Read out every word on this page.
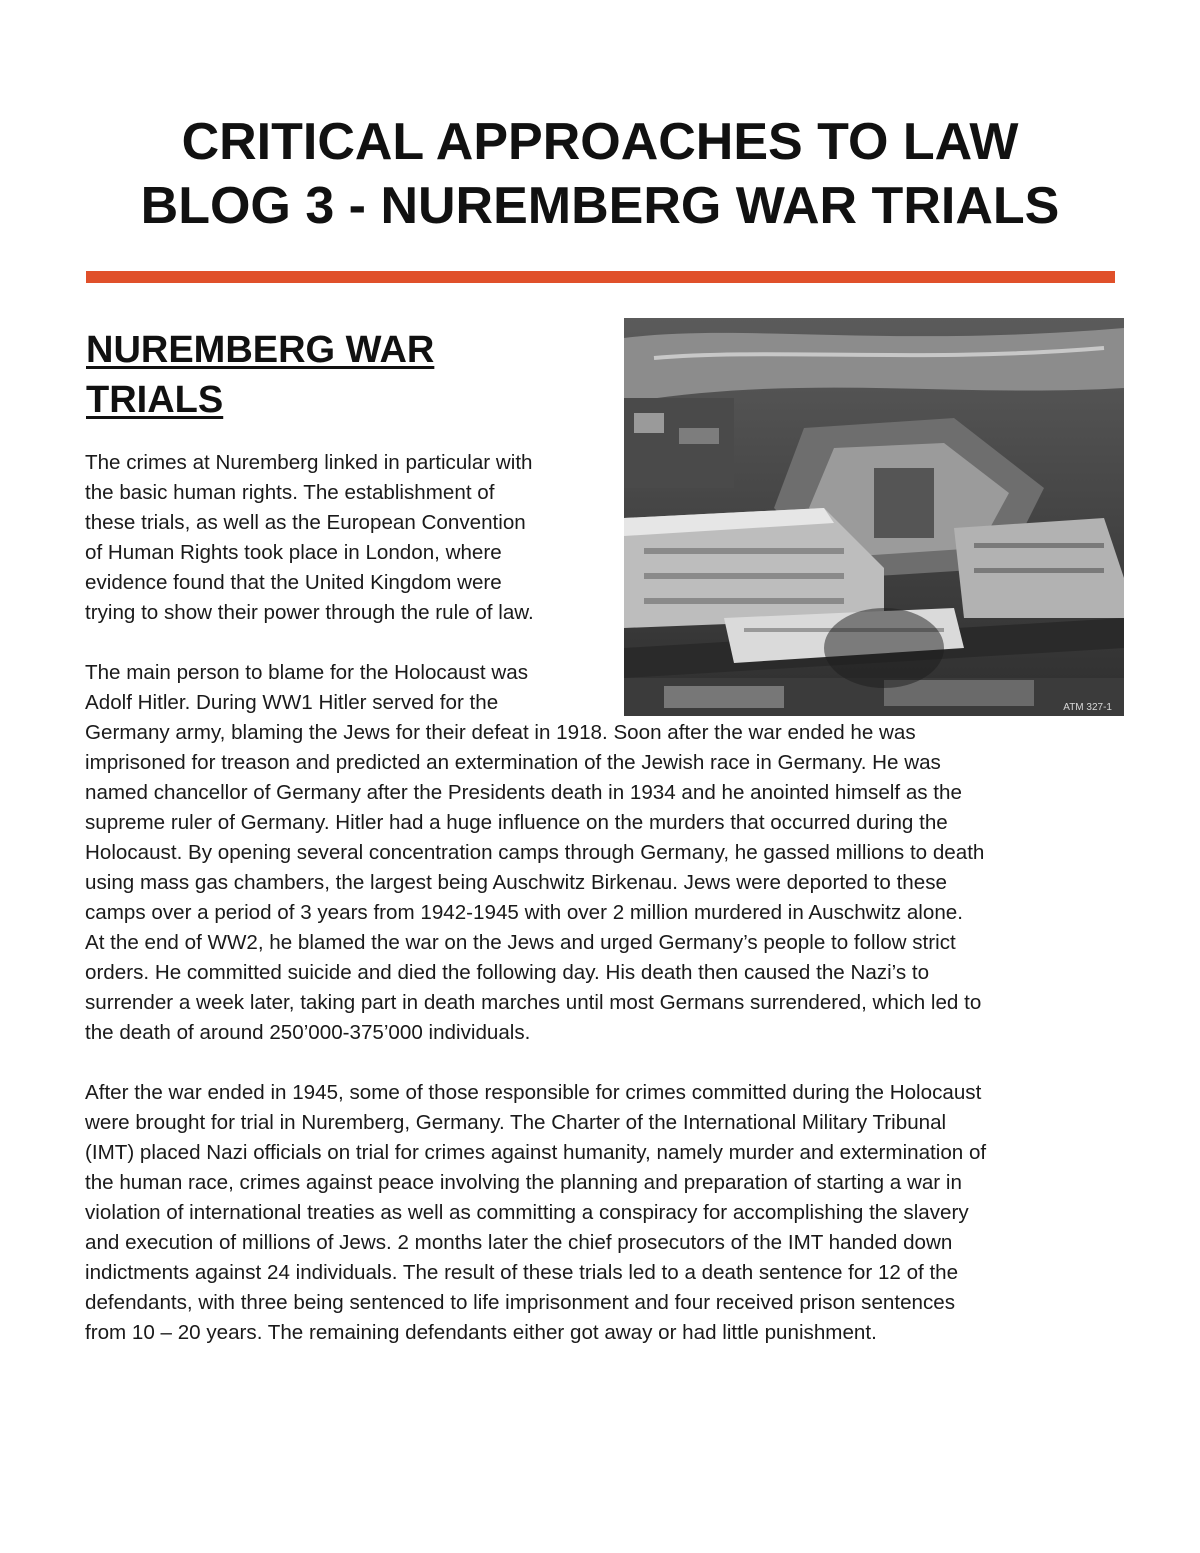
CRITICAL APPROACHES TO LAW
BLOG 3 - NUREMBERG WAR TRIALS
ATM 327-1
NUREMBERG WAR
TRIALS
The crimes at Nuremberg linked in particular with
the basic human rights. The establishment of
these trials, as well as the European Convention
of Human Rights took place in London, where
evidence found that the United Kingdom were
trying to show their power through the rule of law.
The main person to blame for the Holocaust was
Adolf Hitler. During WW1 Hitler served for the
Germany army, blaming the Jews for their defeat in 1918. Soon after the war ended he was
imprisoned for treason and predicted an extermination of the Jewish race in Germany. He was
named chancellor of Germany after the Presidents death in 1934 and he anointed himself as the
supreme ruler of Germany. Hitler had a huge influence on the murders that occurred during the
Holocaust. By opening several concentration camps through Germany, he gassed millions to death
using mass gas chambers, the largest being Auschwitz Birkenau. Jews were deported to these
camps over a period of 3 years from 1942-1945 with over 2 million murdered in Auschwitz alone.
At the end of WW2, he blamed the war on the Jews and urged Germany’s people to follow strict
orders. He committed suicide and died the following day. His death then caused the Nazi’s to
surrender a week later, taking part in death marches until most Germans surrendered, which led to
the death of around 250’000-375’000 individuals.
After the war ended in 1945, some of those responsible for crimes committed during the Holocaust
were brought for trial in Nuremberg, Germany. The Charter of the International Military Tribunal
(IMT) placed Nazi officials on trial for crimes against humanity, namely murder and extermination of
the human race, crimes against peace involving the planning and preparation of starting a war in
violation of international treaties as well as committing a conspiracy for accomplishing the slavery
and execution of millions of Jews. 2 months later the chief prosecutors of the IMT handed down
indictments against 24 individuals. The result of these trials led to a death sentence for 12 of the
defendants, with three being sentenced to life imprisonment and four received prison sentences
from 10 – 20 years. The remaining defendants either got away or had little punishment.
